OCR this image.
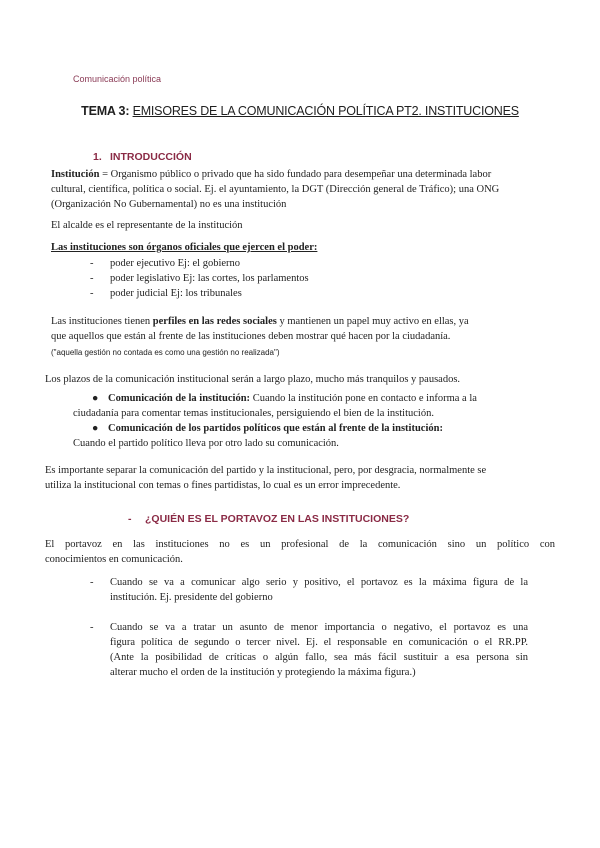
Comunicación política
TEMA 3: EMISORES DE LA COMUNICACIÓN POLÍTICA PT2. INSTITUCIONES
1. INTRODUCCIÓN
Institución = Organismo público o privado que ha sido fundado para desempeñar una determinada labor
cultural, científica, política o social. Ej. el ayuntamiento, la DGT (Dirección general de Tráfico); una ONG
(Organización No Gubernamental) no es una institución
El alcalde es el representante de la institución
Las instituciones son órganos oficiales que ejercen el poder:
- poder ejecutivo Ej: el gobierno
- poder legislativo Ej: las cortes, los parlamentos
- poder judicial Ej: los tribunales
Las instituciones tienen perfiles en las redes sociales y mantienen un papel muy activo en ellas, ya
que aquellos que están al frente de las instituciones deben mostrar qué hacen por la ciudadanía.
("aquella gestión no contada es como una gestión no realizada")
Los plazos de la comunicación institucional serán a largo plazo, mucho más tranquilos y pausados.
● Comunicación de la institución: Cuando la institución pone en contacto e informa a la
ciudadanía para comentar temas institucionales, persiguiendo el bien de la institución.
● Comunicación de los partidos políticos que están al frente de la institución:
Cuando el partido político lleva por otro lado su comunicación.
Es importante separar la comunicación del partido y la institucional, pero, por desgracia, normalmente se
utiliza la institucional con temas o fines partidistas, lo cual es un error imprecedente.
- ¿QUIÉN ES EL PORTAVOZ EN LAS INSTITUCIONES?
El portavoz en las instituciones no es un profesional de la comunicación sino un político con
conocimientos en comunicación.
- Cuando se va a comunicar algo serio y positivo, el portavoz es la máxima figura de la
institución. Ej. presidente del gobierno
- Cuando se va a tratar un asunto de menor importancia o negativo, el portavoz es una
figura política de segundo o tercer nivel. Ej. el responsable en comunicación o el RR.PP.
(Ante la posibilidad de críticas o algún fallo, sea más fácil sustituir a esa persona sin
alterar mucho el orden de la institución y protegiendo la máxima figura.)
